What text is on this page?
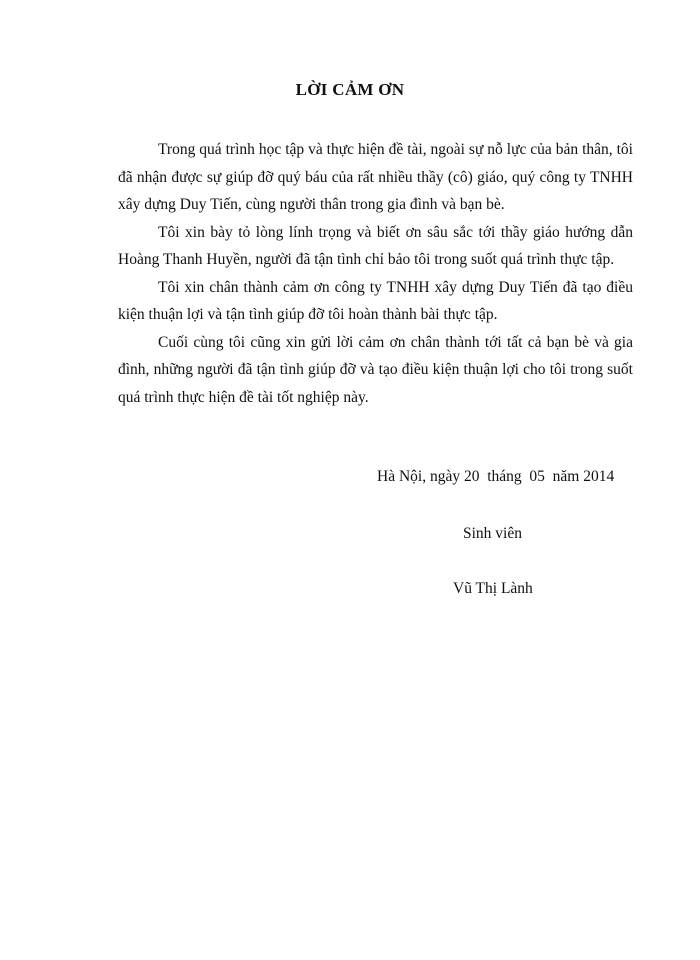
LỜI CẢM ƠN

Trong quá trình học tập và thực hiện đề tài, ngoài sự nỗ lực của bản thân, tôi đã nhận được sự giúp đỡ quý báu của rất nhiều thầy (cô) giáo, quý công ty TNHH xây dựng Duy Tiến, cùng người thân trong gia đình và bạn bè.

Tôi xin bày tỏ lòng lính trọng và biết ơn sâu sắc tới thầy giáo hướng dẫn Hoàng Thanh Huyền, người đã tận tình chỉ bảo tôi trong suốt quá trình thực tập.

Tôi xin chân thành cảm ơn công ty TNHH xây dựng Duy Tiến đã tạo điều kiện thuận lợi và tận tình giúp đỡ tôi hoàn thành bài thực tập.

Cuối cùng tôi cũng xin gửi lời cảm ơn chân thành tới tất cả bạn bè và gia đình, những người đã tận tình giúp đỡ và tạo điều kiện thuận lợi cho tôi trong suốt quá trình thực hiện đề tài tốt nghiệp này.

Hà Nội, ngày 20  tháng  05  năm 2014
Sinh viên
Vũ Thị Lành
